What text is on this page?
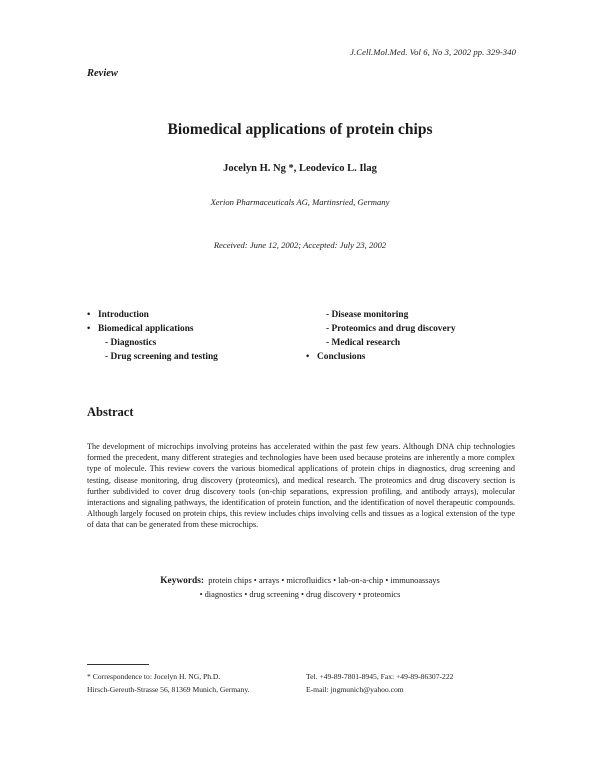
J.Cell.Mol.Med. Vol 6, No 3, 2002 pp. 329-340
Review
Biomedical applications of protein chips
Jocelyn H. Ng *, Leodevico L. Ilag
Xerion Pharmaceuticals AG, Martinsried, Germany
Received: June 12, 2002; Accepted: July 23, 2002
• Introduction
• Biomedical applications
- Diagnostics
- Drug screening and testing
- Disease monitoring
- Proteomics and drug discovery
- Medical research
• Conclusions
Abstract
The development of microchips involving proteins has accelerated within the past few years. Although DNA chip technologies formed the precedent, many different strategies and technologies have been used because proteins are inherently a more complex type of molecule. This review covers the various biomedical applications of protein chips in diagnostics, drug screening and testing, disease monitoring, drug discovery (proteomics), and medical research. The proteomics and drug discovery section is further subdivided to cover drug discovery tools (on-chip separations, expression profiling, and antibody arrays), molecular interactions and signaling pathways, the identification of protein function, and the identification of novel therapeutic compounds. Although largely focused on protein chips, this review includes chips involving cells and tissues as a logical extension of the type of data that can be generated from these microchips.
Keywords: protein chips • arrays • microfluidics • lab-on-a-chip • immunoassays
• diagnostics • drug screening • drug discovery • proteomics
* Correspondence to: Jocelyn H. NG, Ph.D.
Hirsch-Gereuth-Strasse 56, 81369 Munich, Germany.
Tel. +49-89-7801-8945, Fax: +49-89-86307-222
E-mail: jngmunich@yahoo.com
